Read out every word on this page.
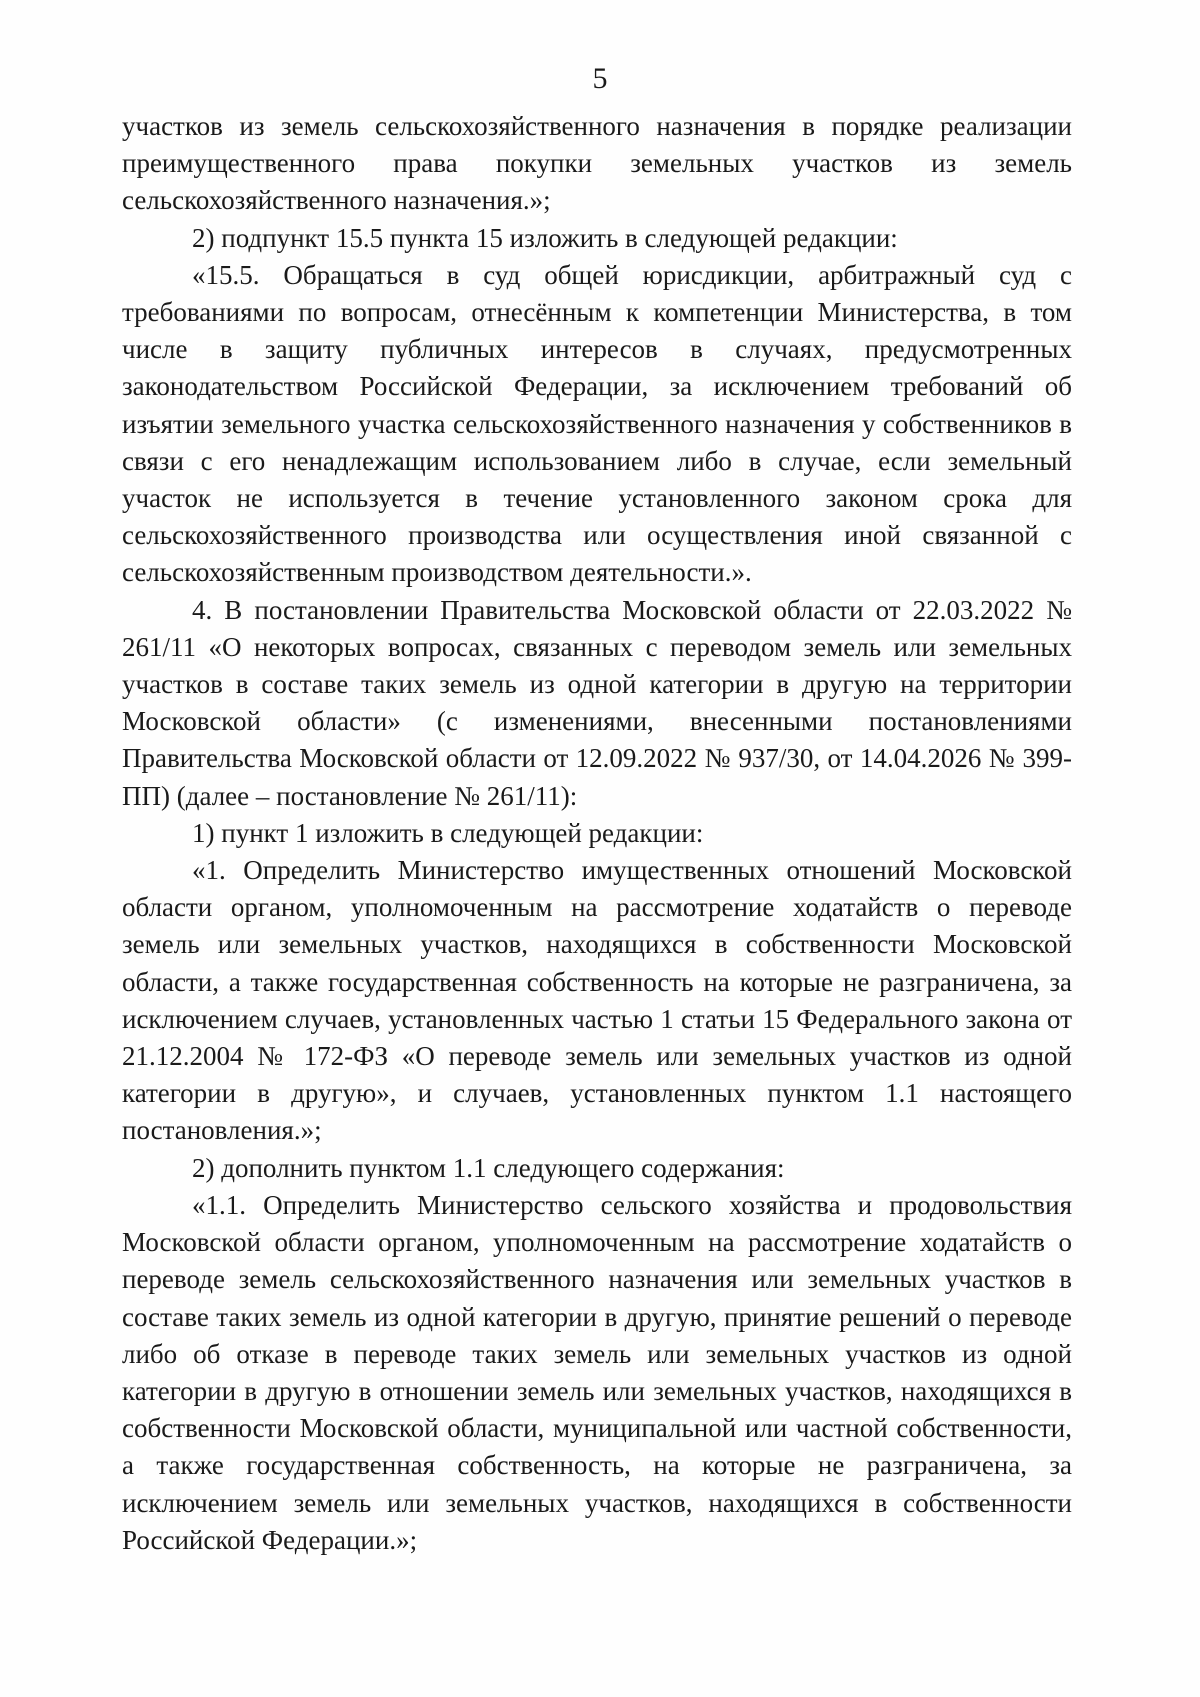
5

участков из земель сельскохозяйственного назначения в порядке реализации преимущественного права покупки земельных участков из земель сельскохозяйственного назначения.»;

2) подпункт 15.5 пункта 15 изложить в следующей редакции:

«15.5. Обращаться в суд общей юрисдикции, арбитражный суд с требованиями по вопросам, отнесённым к компетенции Министерства, в том числе в защиту публичных интересов в случаях, предусмотренных законодательством Российской Федерации, за исключением требований об изъятии земельного участка сельскохозяйственного назначения у собственников в связи с его ненадлежащим использованием либо в случае, если земельный участок не используется в течение установленного законом срока для сельскохозяйственного производства или осуществления иной связанной с сельскохозяйственным производством деятельности.».

4. В постановлении Правительства Московской области от 22.03.2022 № 261/11 «О некоторых вопросах, связанных с переводом земель или земельных участков в составе таких земель из одной категории в другую на территории Московской области» (с изменениями, внесенными постановлениями Правительства Московской области от 12.09.2022 № 937/30, от 14.04.2026 № 399-ПП) (далее – постановление № 261/11):

1) пункт 1 изложить в следующей редакции:

«1. Определить Министерство имущественных отношений Московской области органом, уполномоченным на рассмотрение ходатайств о переводе земель или земельных участков, находящихся в собственности Московской области, а также государственная собственность на которые не разграничена, за исключением случаев, установленных частью 1 статьи 15 Федерального закона от 21.12.2004 № 172-ФЗ «О переводе земель или земельных участков из одной категории в другую», и случаев, установленных пунктом 1.1 настоящего постановления.»;

2) дополнить пунктом 1.1 следующего содержания:

«1.1. Определить Министерство сельского хозяйства и продовольствия Московской области органом, уполномоченным на рассмотрение ходатайств о переводе земель сельскохозяйственного назначения или земельных участков в составе таких земель из одной категории в другую, принятие решений о переводе либо об отказе в переводе таких земель или земельных участков из одной категории в другую в отношении земель или земельных участков, находящихся в собственности Московской области, муниципальной или частной собственности, а также государственная собственность, на которые не разграничена, за исключением земель или земельных участков, находящихся в собственности Российской Федерации.»;
